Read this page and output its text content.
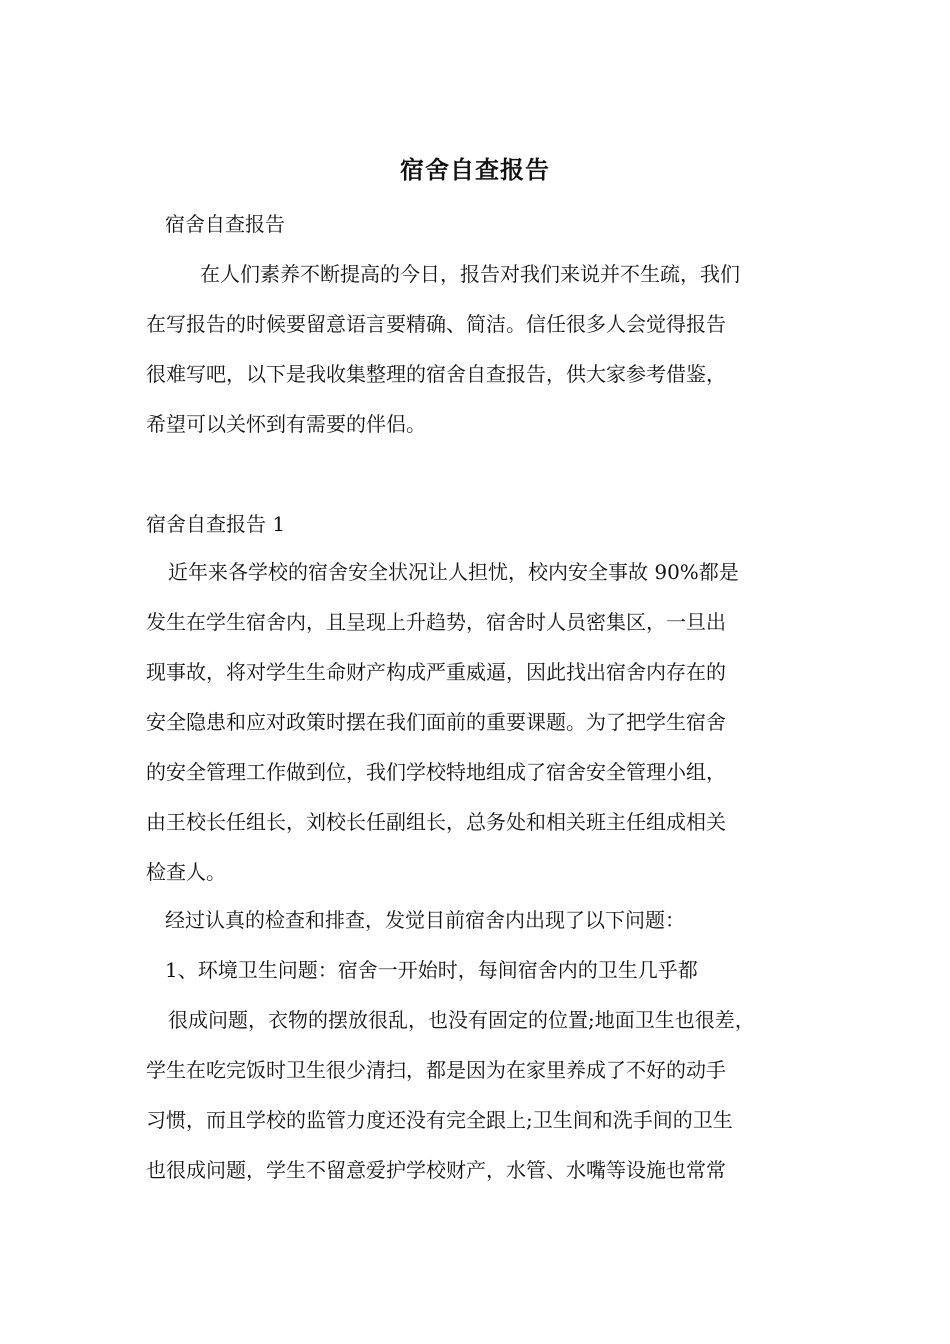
宿舍自查报告
宿舍自查报告
在人们素养不断提高的今日，报告对我们来说并不生疏，我们
在写报告的时候要留意语言要精确、简洁。信任很多人会觉得报告
很难写吧，以下是我收集整理的宿舍自查报告，供大家参考借鉴，
希望可以关怀到有需要的伴侣。
宿舍自查报告 1
近年来各学校的宿舍安全状况让人担忧，校内安全事故 90%都是
发生在学生宿舍内，且呈现上升趋势，宿舍时人员密集区，一旦出
现事故，将对学生生命财产构成严重威逼，因此找出宿舍内存在的
安全隐患和应对政策时摆在我们面前的重要课题。为了把学生宿舍
的安全管理工作做到位，我们学校特地组成了宿舍安全管理小组，
由王校长任组长，刘校长任副组长，总务处和相关班主任组成相关
检查人。
经过认真的检查和排查，发觉目前宿舍内出现了以下问题：
1、环境卫生问题：宿舍一开始时，每间宿舍内的卫生几乎都
很成问题，衣物的摆放很乱，也没有固定的位置;地面卫生也很差，
学生在吃完饭时卫生很少清扫，都是因为在家里养成了不好的动手
习惯，而且学校的监管力度还没有完全跟上;卫生间和洗手间的卫生
也很成问题，学生不留意爱护学校财产，水管、水嘴等设施也常常
